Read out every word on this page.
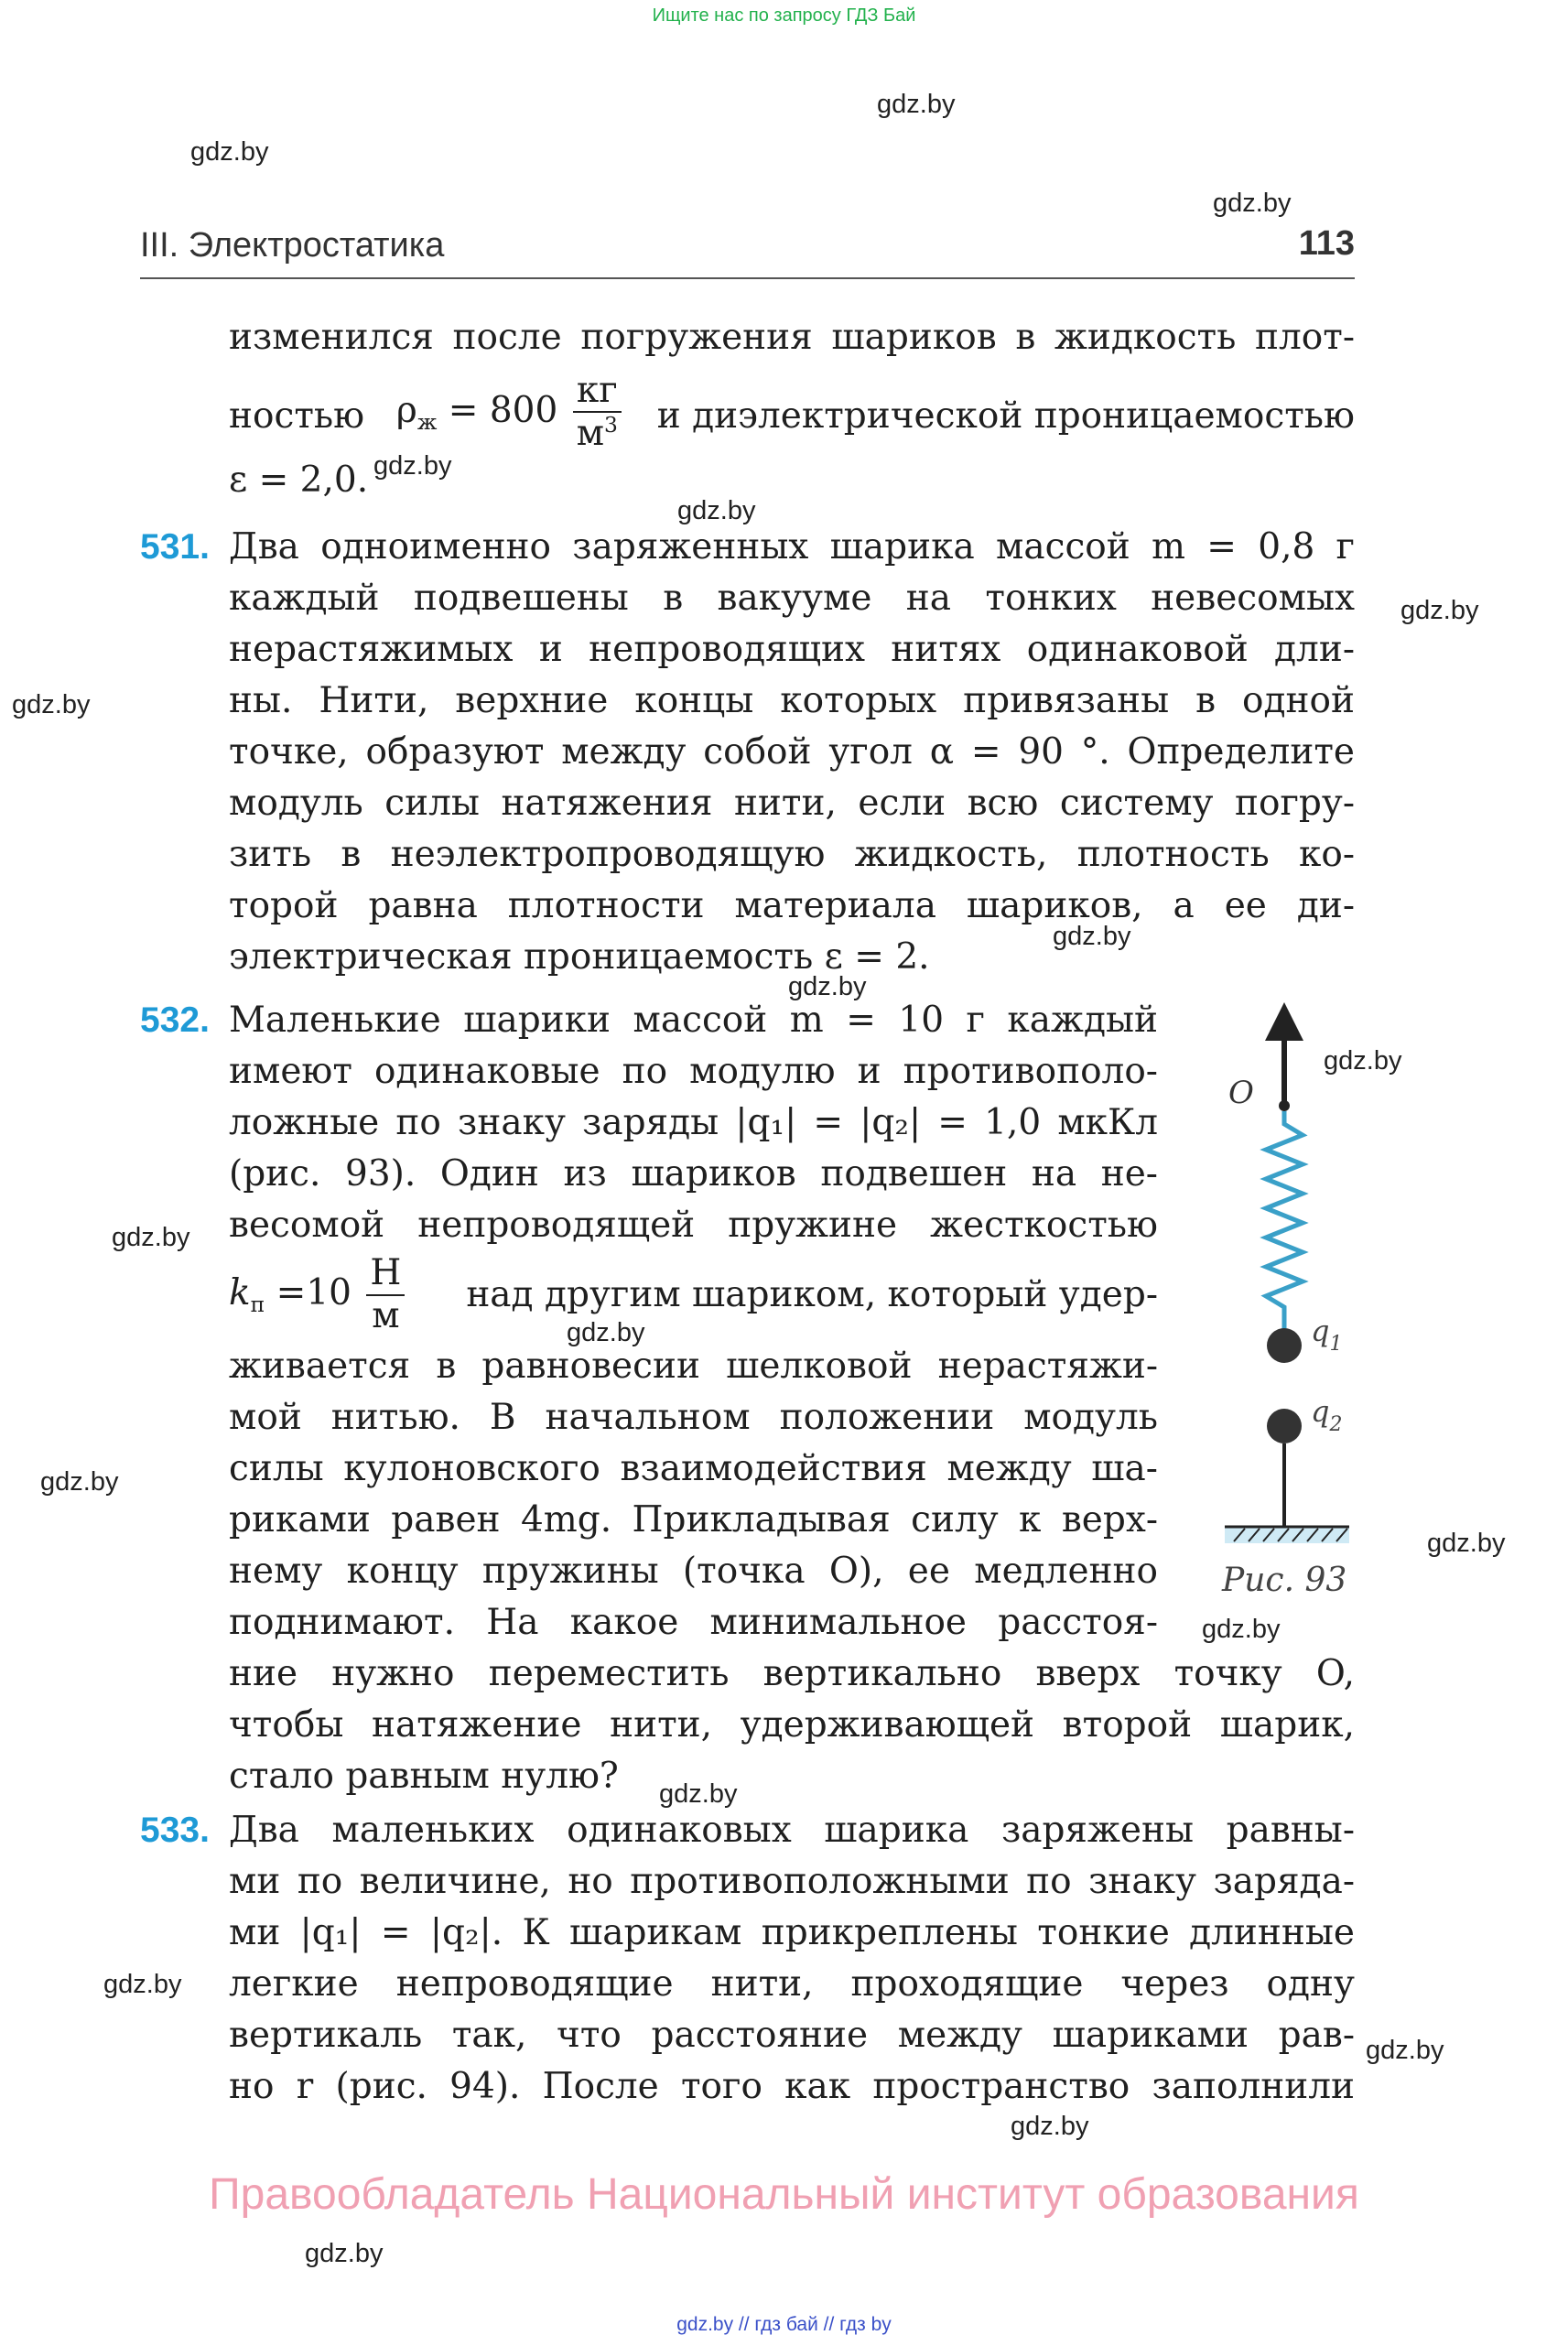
Ищите нас по запросу ГДЗ Бай
gdz.by
gdz.by
gdz.by
gdz.by
gdz.by
gdz.by
gdz.by
gdz.by
gdz.by
gdz.by
gdz.by
gdz.by
gdz.by
gdz.by
gdz.by
gdz.by
gdz.by
gdz.by
gdz.by
gdz.by
III. Электростатика	113
изменился после погружения шариков в жидкость плот-
ностью $\rho_ж = 800 \frac{кг}{м^3}$ и диэлектрической проницаемостью
ε = 2,0.
531. Два одноименно заряженных шарика массой m = 0,8 г
каждый подвешены в вакууме на тонких невесомых
нерастяжимых и непроводящих нитях одинаковой дли-
ны. Нити, верхние концы которых привязаны в одной
точке, образуют между собой угол α = 90 °. Определите
модуль силы натяжения нити, если всю систему погру-
зить в неэлектропроводящую жидкость, плотность ко-
торой равна плотности материала шариков, а ее ди-
электрическая проницаемость ε = 2.
532. Маленькие шарики массой m = 10 г каждый
имеют одинаковые по модулю и противополо-
ложные по знаку заряды |q₁| = |q₂| = 1,0 мкКл
(рис. 93). Один из шариков подвешен на не-
весомой непроводящей пружине жесткостью
$k_п =10 \frac{Н}{м}$ над другим шариком, который удер-
живается в равновесии шелковой нерастяжи-
мой нитью. В начальном положении модуль
силы кулоновского взаимодействия между ша-
риками равен 4mg. Прикладывая силу к верх-
нему концу пружины (точка O), ее медленно
поднимают. На какое минимальное расстоя-
ние нужно переместить вертикально вверх точку O,
чтобы натяжение нити, удерживающей второй шарик,
стало равным нулю?
O
$q_1$
$q_2$
Рис. 93
533. Два маленьких одинаковых шарика заряжены равны-
ми по величине, но противоположными по знаку заряда-
ми |q₁| = |q₂|. К шарикам прикреплены тонкие длинные
легкие непроводящие нити, проходящие через одну
вертикаль так, что расстояние между шариками рав-
но r (рис. 94). После того как пространство заполнили
Правообладатель Национальный институт образования
gdz.by // гдз бай // гдз by
